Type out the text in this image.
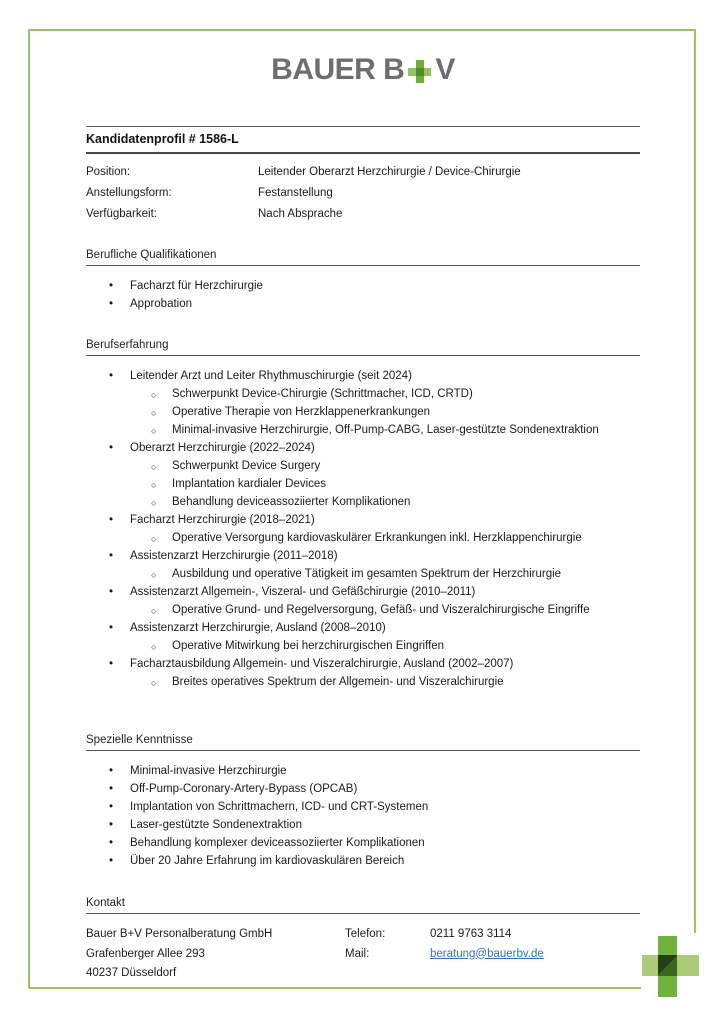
BAUER B V
Kandidatenprofil # 1586-L
Position:	Leitender Oberarzt Herzchirurgie / Device-Chirurgie
Anstellungsform:	Festanstellung
Verfügbarkeit:	Nach Absprache
Berufliche Qualifikationen
• Facharzt für Herzchirurgie
• Approbation
Berufserfahrung
• Leitender Arzt und Leiter Rhythmuschirurgie (seit 2024)
○ Schwerpunkt Device-Chirurgie (Schrittmacher, ICD, CRTD)
○ Operative Therapie von Herzklappenerkrankungen
○ Minimal-invasive Herzchirurgie, Off-Pump-CABG, Laser-gestützte Sondenextraktion
• Oberarzt Herzchirurgie (2022–2024)
○ Schwerpunkt Device Surgery
○ Implantation kardialer Devices
○ Behandlung deviceassoziierter Komplikationen
• Facharzt Herzchirurgie (2018–2021)
○ Operative Versorgung kardiovaskulärer Erkrankungen inkl. Herzklappenchirurgie
• Assistenzarzt Herzchirurgie (2011–2018)
○ Ausbildung und operative Tätigkeit im gesamten Spektrum der Herzchirurgie
• Assistenzarzt Allgemein-, Viszeral- und Gefäßchirurgie (2010–2011)
○ Operative Grund- und Regelversorgung, Gefäß- und Viszeralchirurgische Eingriffe
• Assistenzarzt Herzchirurgie, Ausland (2008–2010)
○ Operative Mitwirkung bei herzchirurgischen Eingriffen
• Facharztausbildung Allgemein- und Viszeralchirurgie, Ausland (2002–2007)
○ Breites operatives Spektrum der Allgemein- und Viszeralchirurgie
Spezielle Kenntnisse
• Minimal-invasive Herzchirurgie
• Off-Pump-Coronary-Artery-Bypass (OPCAB)
• Implantation von Schrittmachern, ICD- und CRT-Systemen
• Laser-gestützte Sondenextraktion
• Behandlung komplexer deviceassoziierter Komplikationen
• Über 20 Jahre Erfahrung im kardiovaskulären Bereich
Kontakt
Bauer B+V Personalberatung GmbH
Grafenberger Allee 293
40237 Düsseldorf
Telefon:	0211 9763 3114
Mail:	beratung@bauerbv.de
